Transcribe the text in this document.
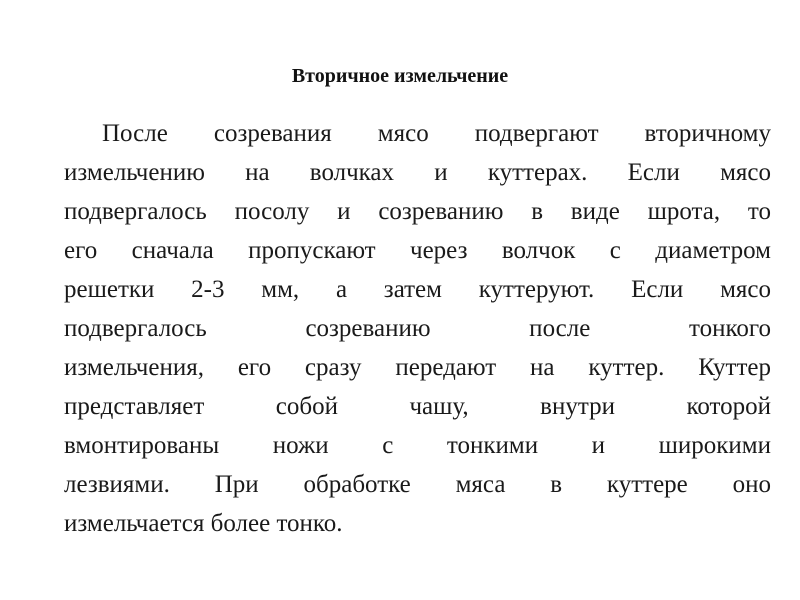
Вторичное измельчение
После созревания мясо подвергают вторичному
измельчению на волчках и куттерах. Если мясо
подвергалось посолу и созреванию в виде шрота, то
его сначала пропускают через волчок с диаметром
решетки 2-3 мм, а затем куттеруют. Если мясо
подвергалось созреванию после тонкого
измельчения, его сразу передают на куттер. Куттер
представляет собой чашу, внутри которой
вмонтированы ножи с тонкими и широкими
лезвиями. При обработке мяса в куттере оно
измельчается более тонко.
